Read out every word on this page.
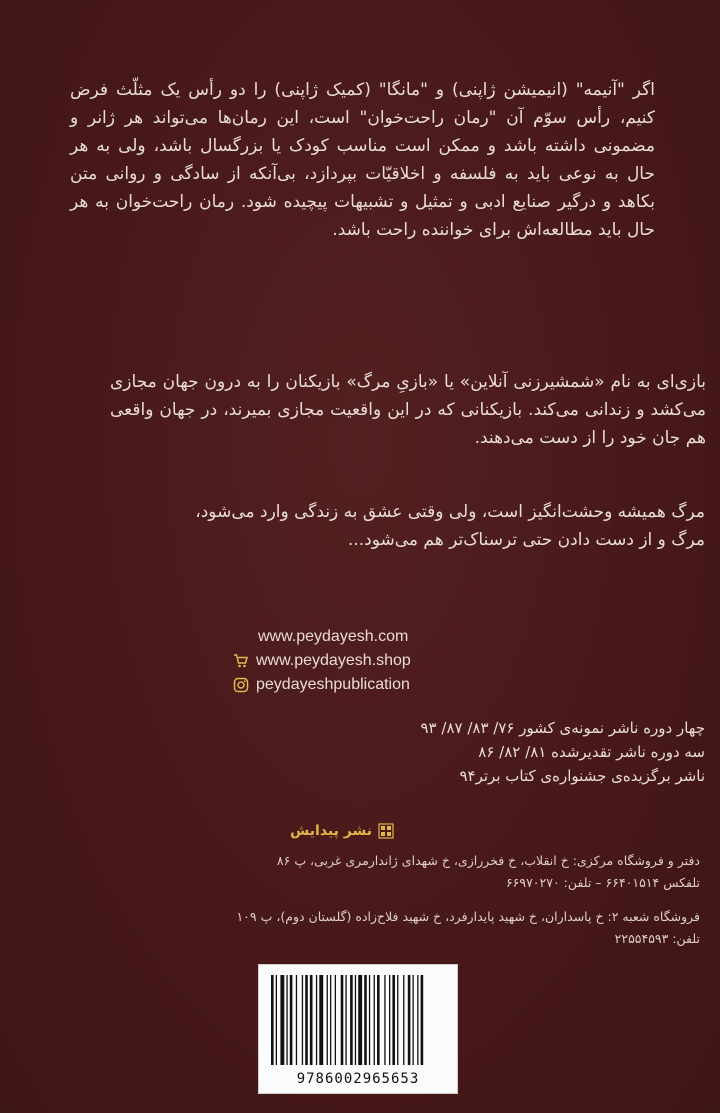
اگر "آنیمه" (انیمیشن ژاپنی) و "مانگا" (کمیک ژاپنی) را دو رأس یک مثلّث فرض کنیم، رأس سوّم آن "رمان راحت‌خوان" است، این رمان‌ها می‌تواند هر ژانر و مضمونی داشته باشد و ممکن است مناسب کودک یا بزرگسال باشد، ولی به هر حال به نوعی باید به فلسفه و اخلاقیّات بپردازد، بی‌آنکه از سادگی و روانی متن بکاهد و درگیر صنایع ادبی و تمثیل و تشبیهات پیچیده شود. رمان راحت‌خوان به هر حال باید مطالعه‌اش برای خواننده راحت باشد.
بازی‌ای به نام «شمشیرزنی آنلاین» یا «بازیِ مرگ» بازیکنان را به درون جهان مجازی می‌کشد و زندانی می‌کند. بازیکنانی که در این واقعیت مجازی بمیرند، در جهان واقعی هم جان خود را از دست می‌دهند.
مرگ همیشه وحشت‌انگیز است، ولی وقتی عشق به زندگی وارد می‌شود،
مرگ و از دست دادن حتی ترسناک‌تر هم می‌شود...
www.peydayesh.com
www.peydayesh.shop
peydayeshpublication
چهار دوره ناشر نمونه‌ی کشور ۷۶/ ۸۳/ ۸۷/ ۹۳
سه دوره ناشر تقدیرشده ۸۱/ ۸۲/ ۸۶
ناشر برگزیده‌ی جشنواره‌ی کتاب برتر۹۴
نشر پیدایش
دفتر و فروشگاه مرکزی: خ انقلاب، خ فخررازی، خ شهدای ژاندارمری غربی، پ ۸۶
تلفکس ۶۶۴۰۱۵۱۴ – تلفن: ۶۶۹۷۰۲۷۰
فروشگاه شعبه ۲: خ پاسداران، خ شهید پایدارفرد، خ شهید فلاح‌زاده (گلستان دوم)، پ ۱۰۹
تلفن: ۲۲۵۵۴۵۹۳
9786002965653
